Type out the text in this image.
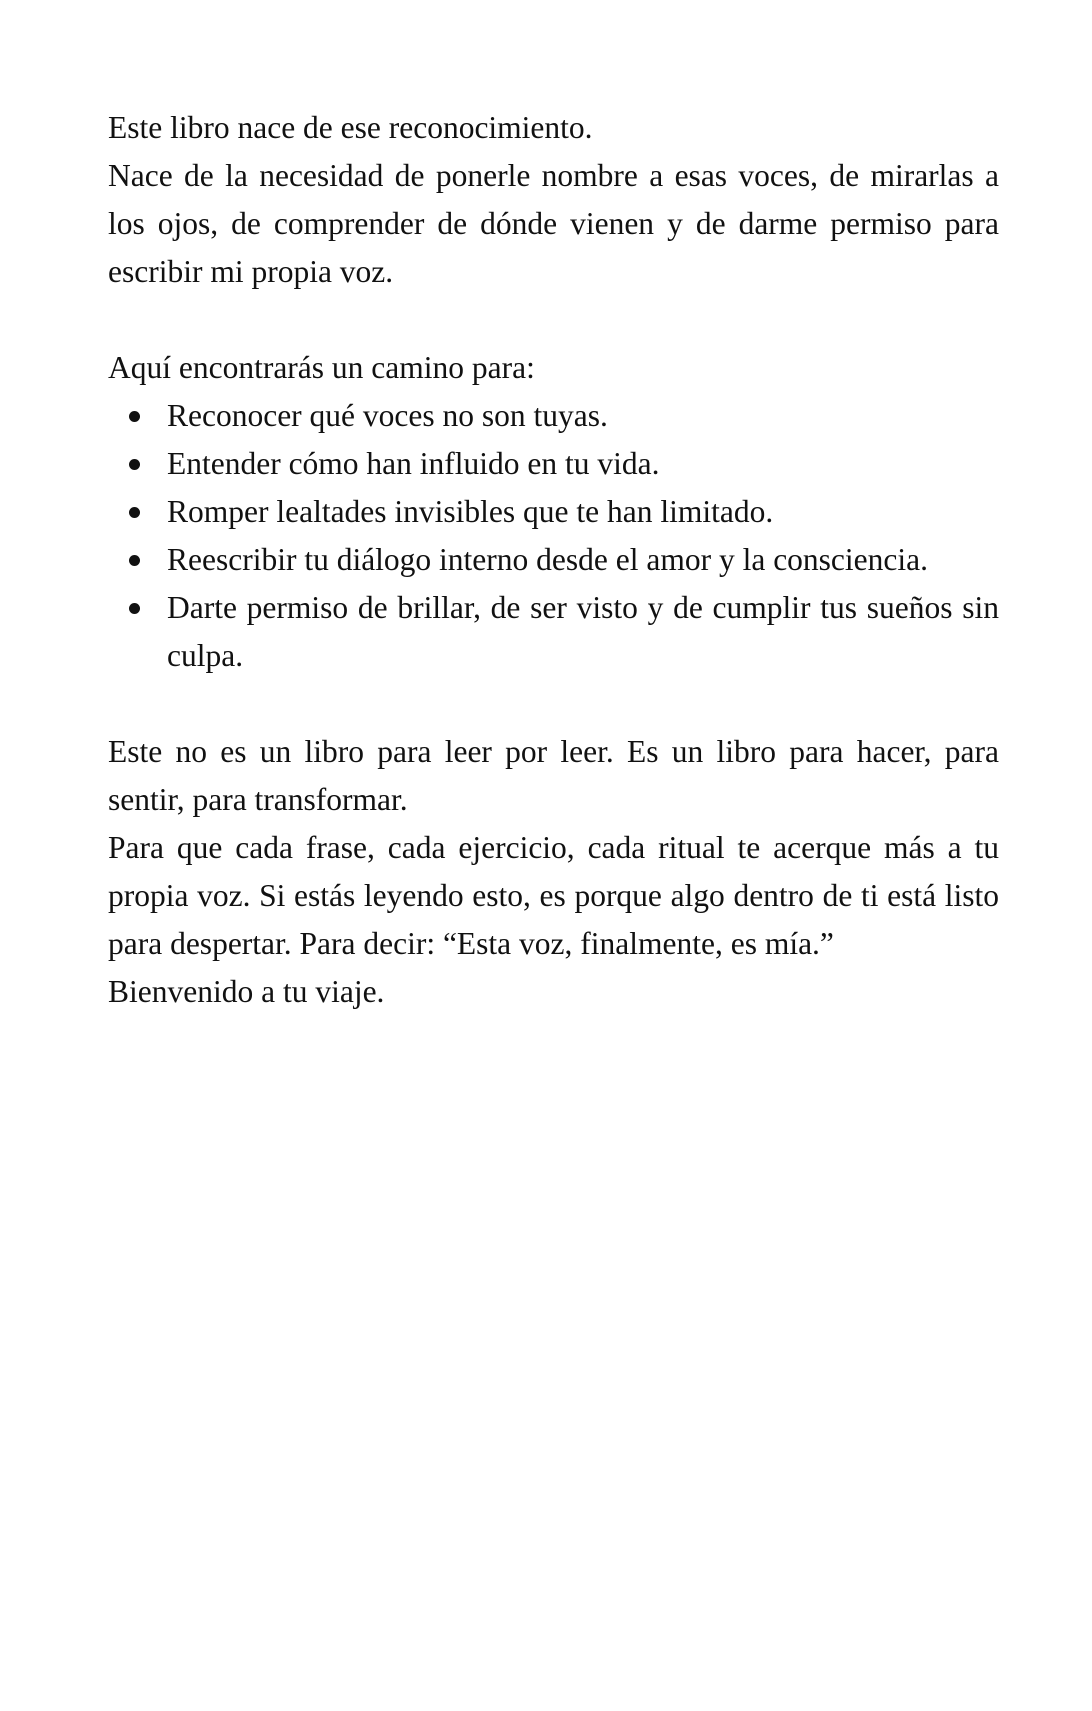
Este libro nace de ese reconocimiento.

Nace de la necesidad de ponerle nombre a esas voces, de mirarlas a los ojos, de comprender de dónde vienen y de darme permiso para escribir mi propia voz.

Aquí encontrarás un camino para:

Reconocer qué voces no son tuyas.
Entender cómo han influido en tu vida.
Romper lealtades invisibles que te han limitado.
Reescribir tu diálogo interno desde el amor y la consciencia.
Darte permiso de brillar, de ser visto y de cumplir tus sueños sin culpa.

Este no es un libro para leer por leer. Es un libro para hacer, para sentir, para transformar.

Para que cada frase, cada ejercicio, cada ritual te acerque más a tu propia voz. Si estás leyendo esto, es porque algo dentro de ti está listo para despertar. Para decir: “Esta voz, finalmente, es mía.”

Bienvenido a tu viaje.
